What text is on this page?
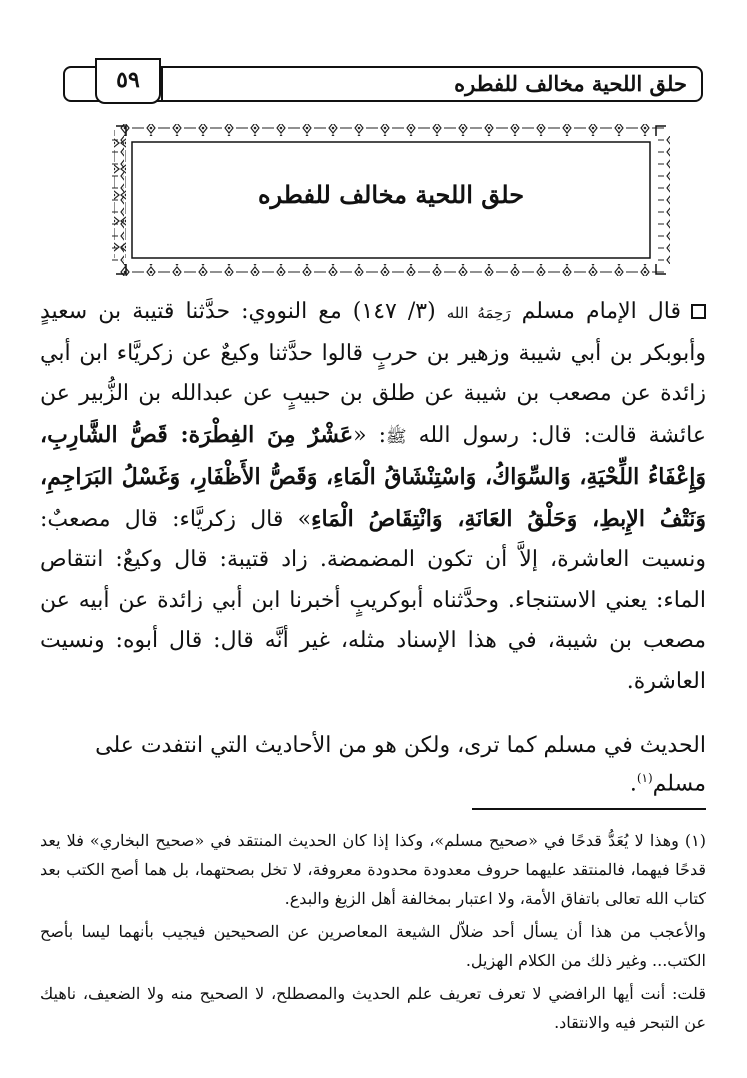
٥٩	حلق اللحية مخالف للفطره
حلق اللحية مخالف للفطره

قال الإمام مسلم رَحِمَهُ الله (٣/ ١٤٧) مع النووي: حدَّثنا قتيبة بن سعيدٍ وأبوبكر بن أبي شيبة وزهير بن حربٍ قالوا حدَّثنا وكيعٌ عن زكريَّاء ابن أبي زائدة عن مصعب بن شيبة عن طلق بن حبيبٍ عن عبدالله بن الزُّبير عن عائشة قالت: قال: رسول الله ﷺ: «عَشْرٌ مِنَ الفِطْرَة: قَصُّ الشَّارِبِ، وَإِعْفَاءُ اللِّحْيَةِ، وَالسِّوَاكُ، وَاسْتِنْشَاقُ الْمَاءِ، وَقَصُّ الأَظْفَارِ، وَغَسْلُ البَرَاجِمِ، وَنَتْفُ الإِبطِ، وَحَلْقُ العَانَةِ، وَانْتِقَاصُ الْمَاءِ» قال زكريَّاء: قال مصعبٌ: ونسيت العاشرة، إلاَّ أن تكون المضمضة. زاد قتيبة: قال وكيعٌ: انتقاص الماء: يعني الاستنجاء. وحدَّثناه أبوكريبٍ أخبرنا ابن أبي زائدة عن أبيه عن مصعب بن شيبة، في هذا الإسناد مثله، غير أنَّه قال: قال أبوه: ونسيت العاشرة.

الحديث في مسلم كما ترى، ولكن هو من الأحاديث التي انتفدت على مسلم$^{(١)}$.

(١) وهذا لا يُعَدُّ قدحًا في «صحيح مسلم»، وكذا إذا كان الحديث المنتقد في «صحيح البخاري» فلا يعد قدحًا فيهما، فالمنتقد عليهما حروف معدودة محدودة معروفة، لا تخل بصحتهما، بل هما أصح الكتب بعد كتاب الله تعالى باتفاق الأمة، ولا اعتبار بمخالفة أهل الزيغ والبدع.

والأعجب من هذا أن يسأل أحد ضلاّل الشيعة المعاصرين عن الصحيحين فيجيب بأنهما ليسا بأصح الكتب... وغير ذلك من الكلام الهزيل.

قلت: أنت أيها الرافضي لا تعرف تعريف علم الحديث والمصطلح، لا الصحيح منه ولا الضعيف، ناهيك عن التبحر فيه والانتقاد.
